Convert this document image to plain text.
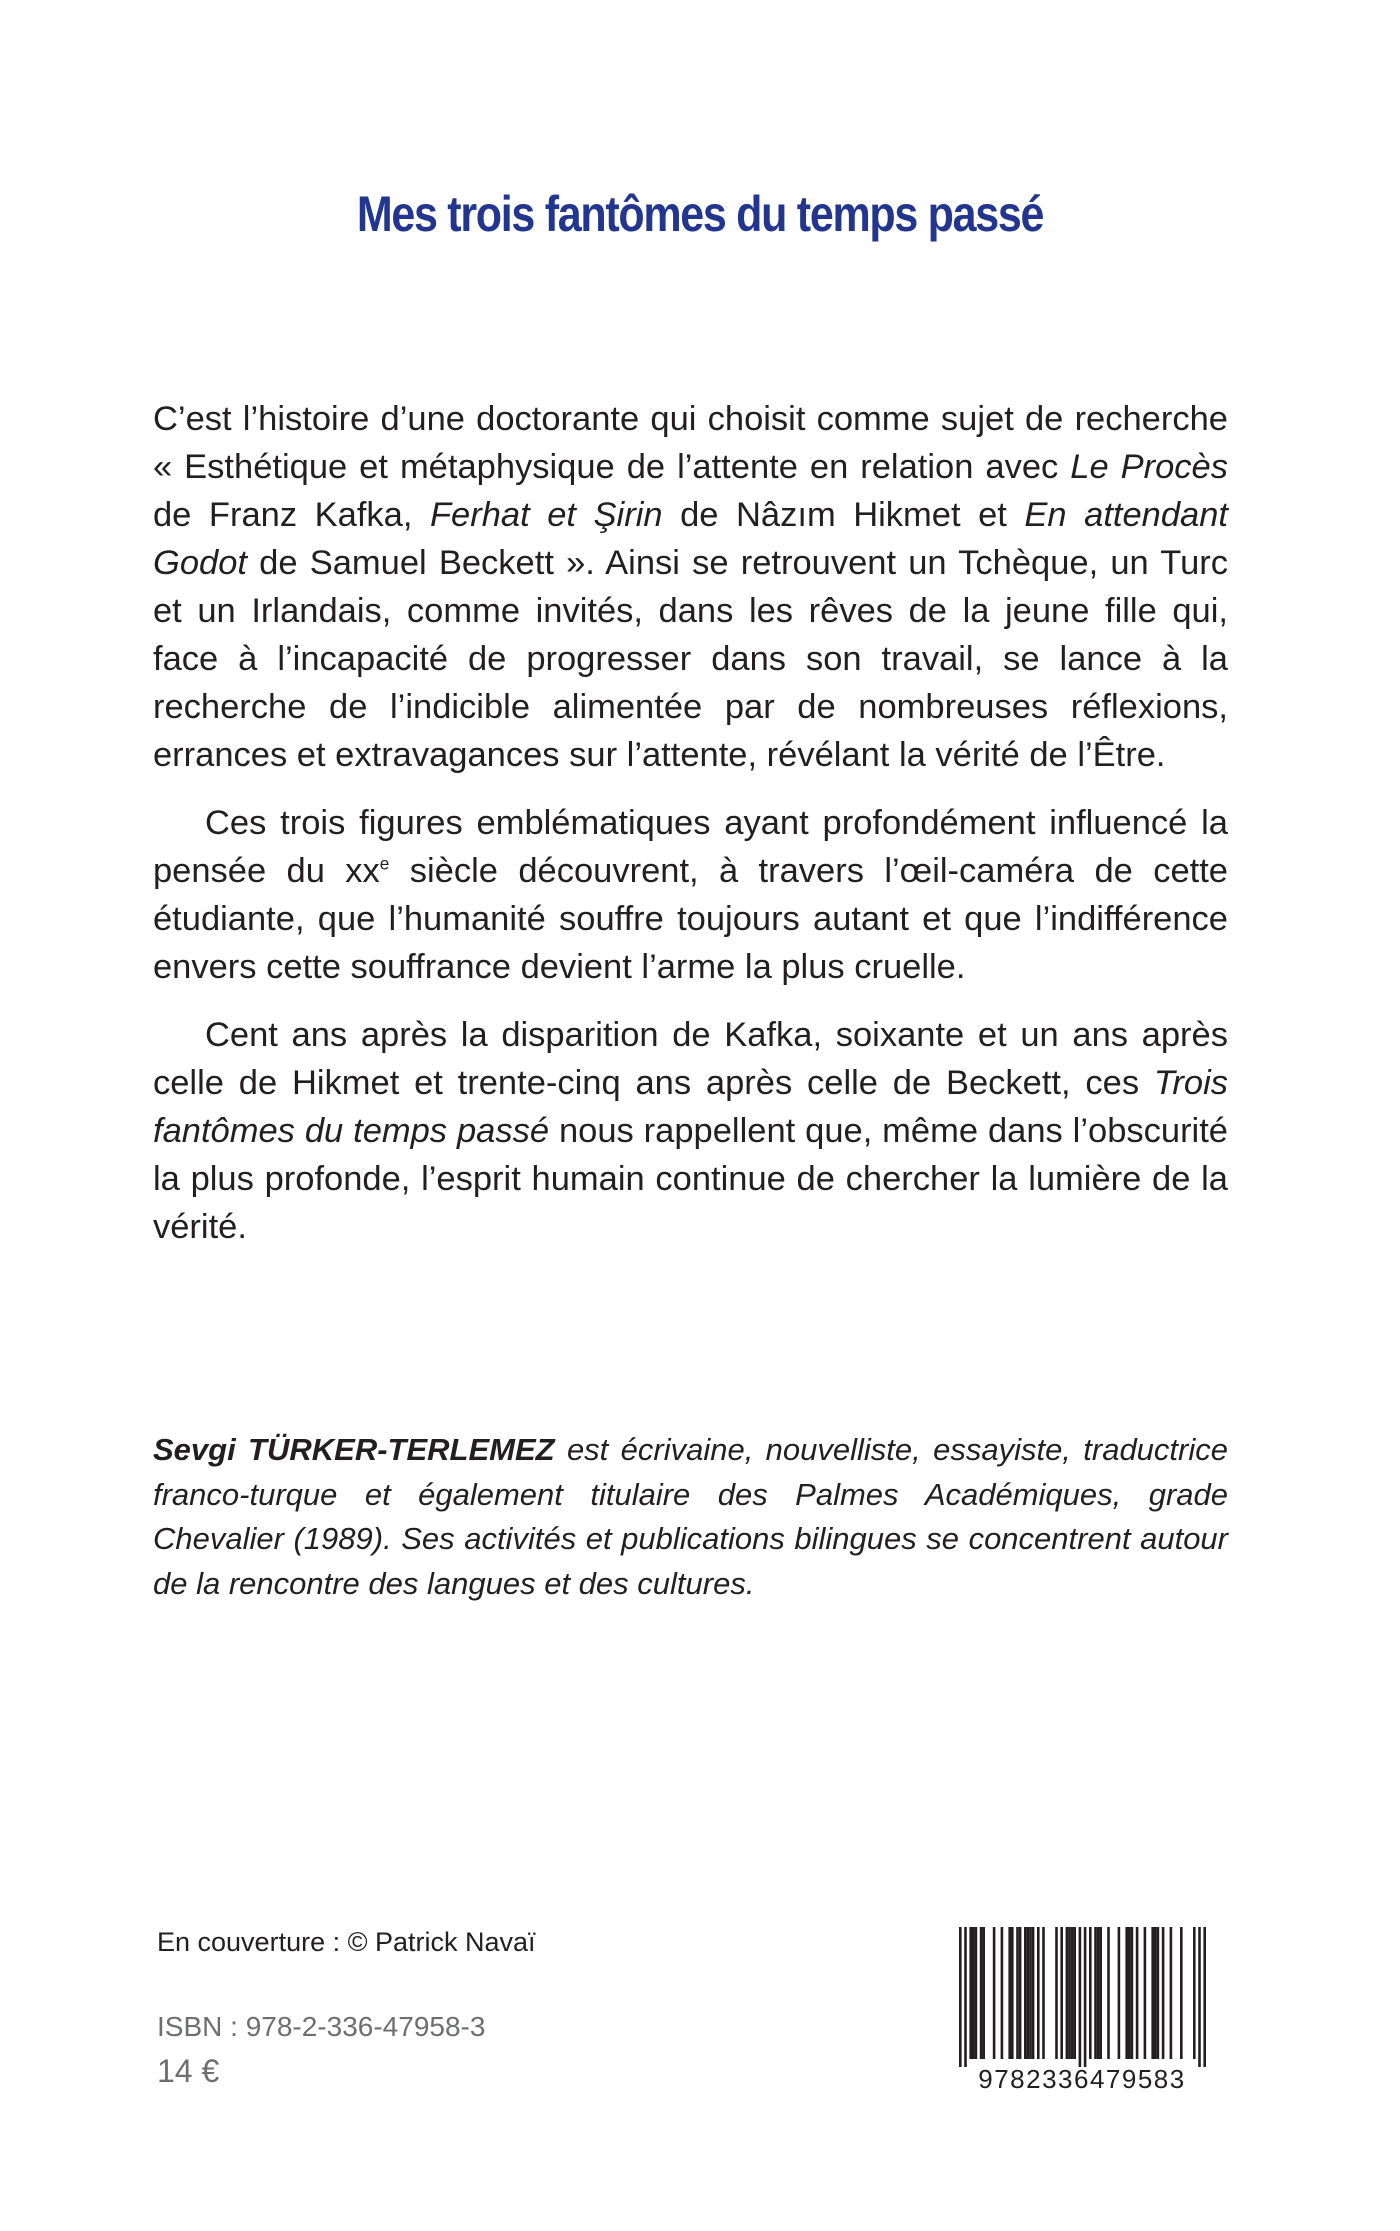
Mes trois fantômes du temps passé

C’est l’histoire d’une doctorante qui choisit comme sujet de recherche « Esthétique et métaphysique de l’attente en relation avec Le Procès de Franz Kafka, Ferhat et Şirin de Nâzım Hikmet et En attendant Godot de Samuel Beckett ». Ainsi se retrouvent un Tchèque, un Turc et un Irlandais, comme invités, dans les rêves de la jeune fille qui, face à l’incapacité de progresser dans son travail, se lance à la recherche de l’indicible alimentée par de nombreuses réflexions, errances et extravagances sur l’attente, révélant la vérité de l’Être.

Ces trois figures emblématiques ayant profondément influencé la pensée du $xx^e$ siècle découvrent, à travers l’œil-caméra de cette étudiante, que l’humanité souffre toujours autant et que l’indifférence envers cette souffrance devient l’arme la plus cruelle.

Cent ans après la disparition de Kafka, soixante et un ans après celle de Hikmet et trente-cinq ans après celle de Beckett, ces Trois fantômes du temps passé nous rappellent que, même dans l’obscurité la plus profonde, l’esprit humain continue de chercher la lumière de la vérité.

Sevgi TÜRKER-TERLEMEZ est écrivaine, nouvelliste, essayiste, traductrice franco-turque et également titulaire des Palmes Académiques, grade Chevalier (1989). Ses activités et publications bilingues se concentrent autour de la rencontre des langues et des cultures.

En couverture : © Patrick Navaï

ISBN : 978-2-336-47958-3

14 €	9782336479583
